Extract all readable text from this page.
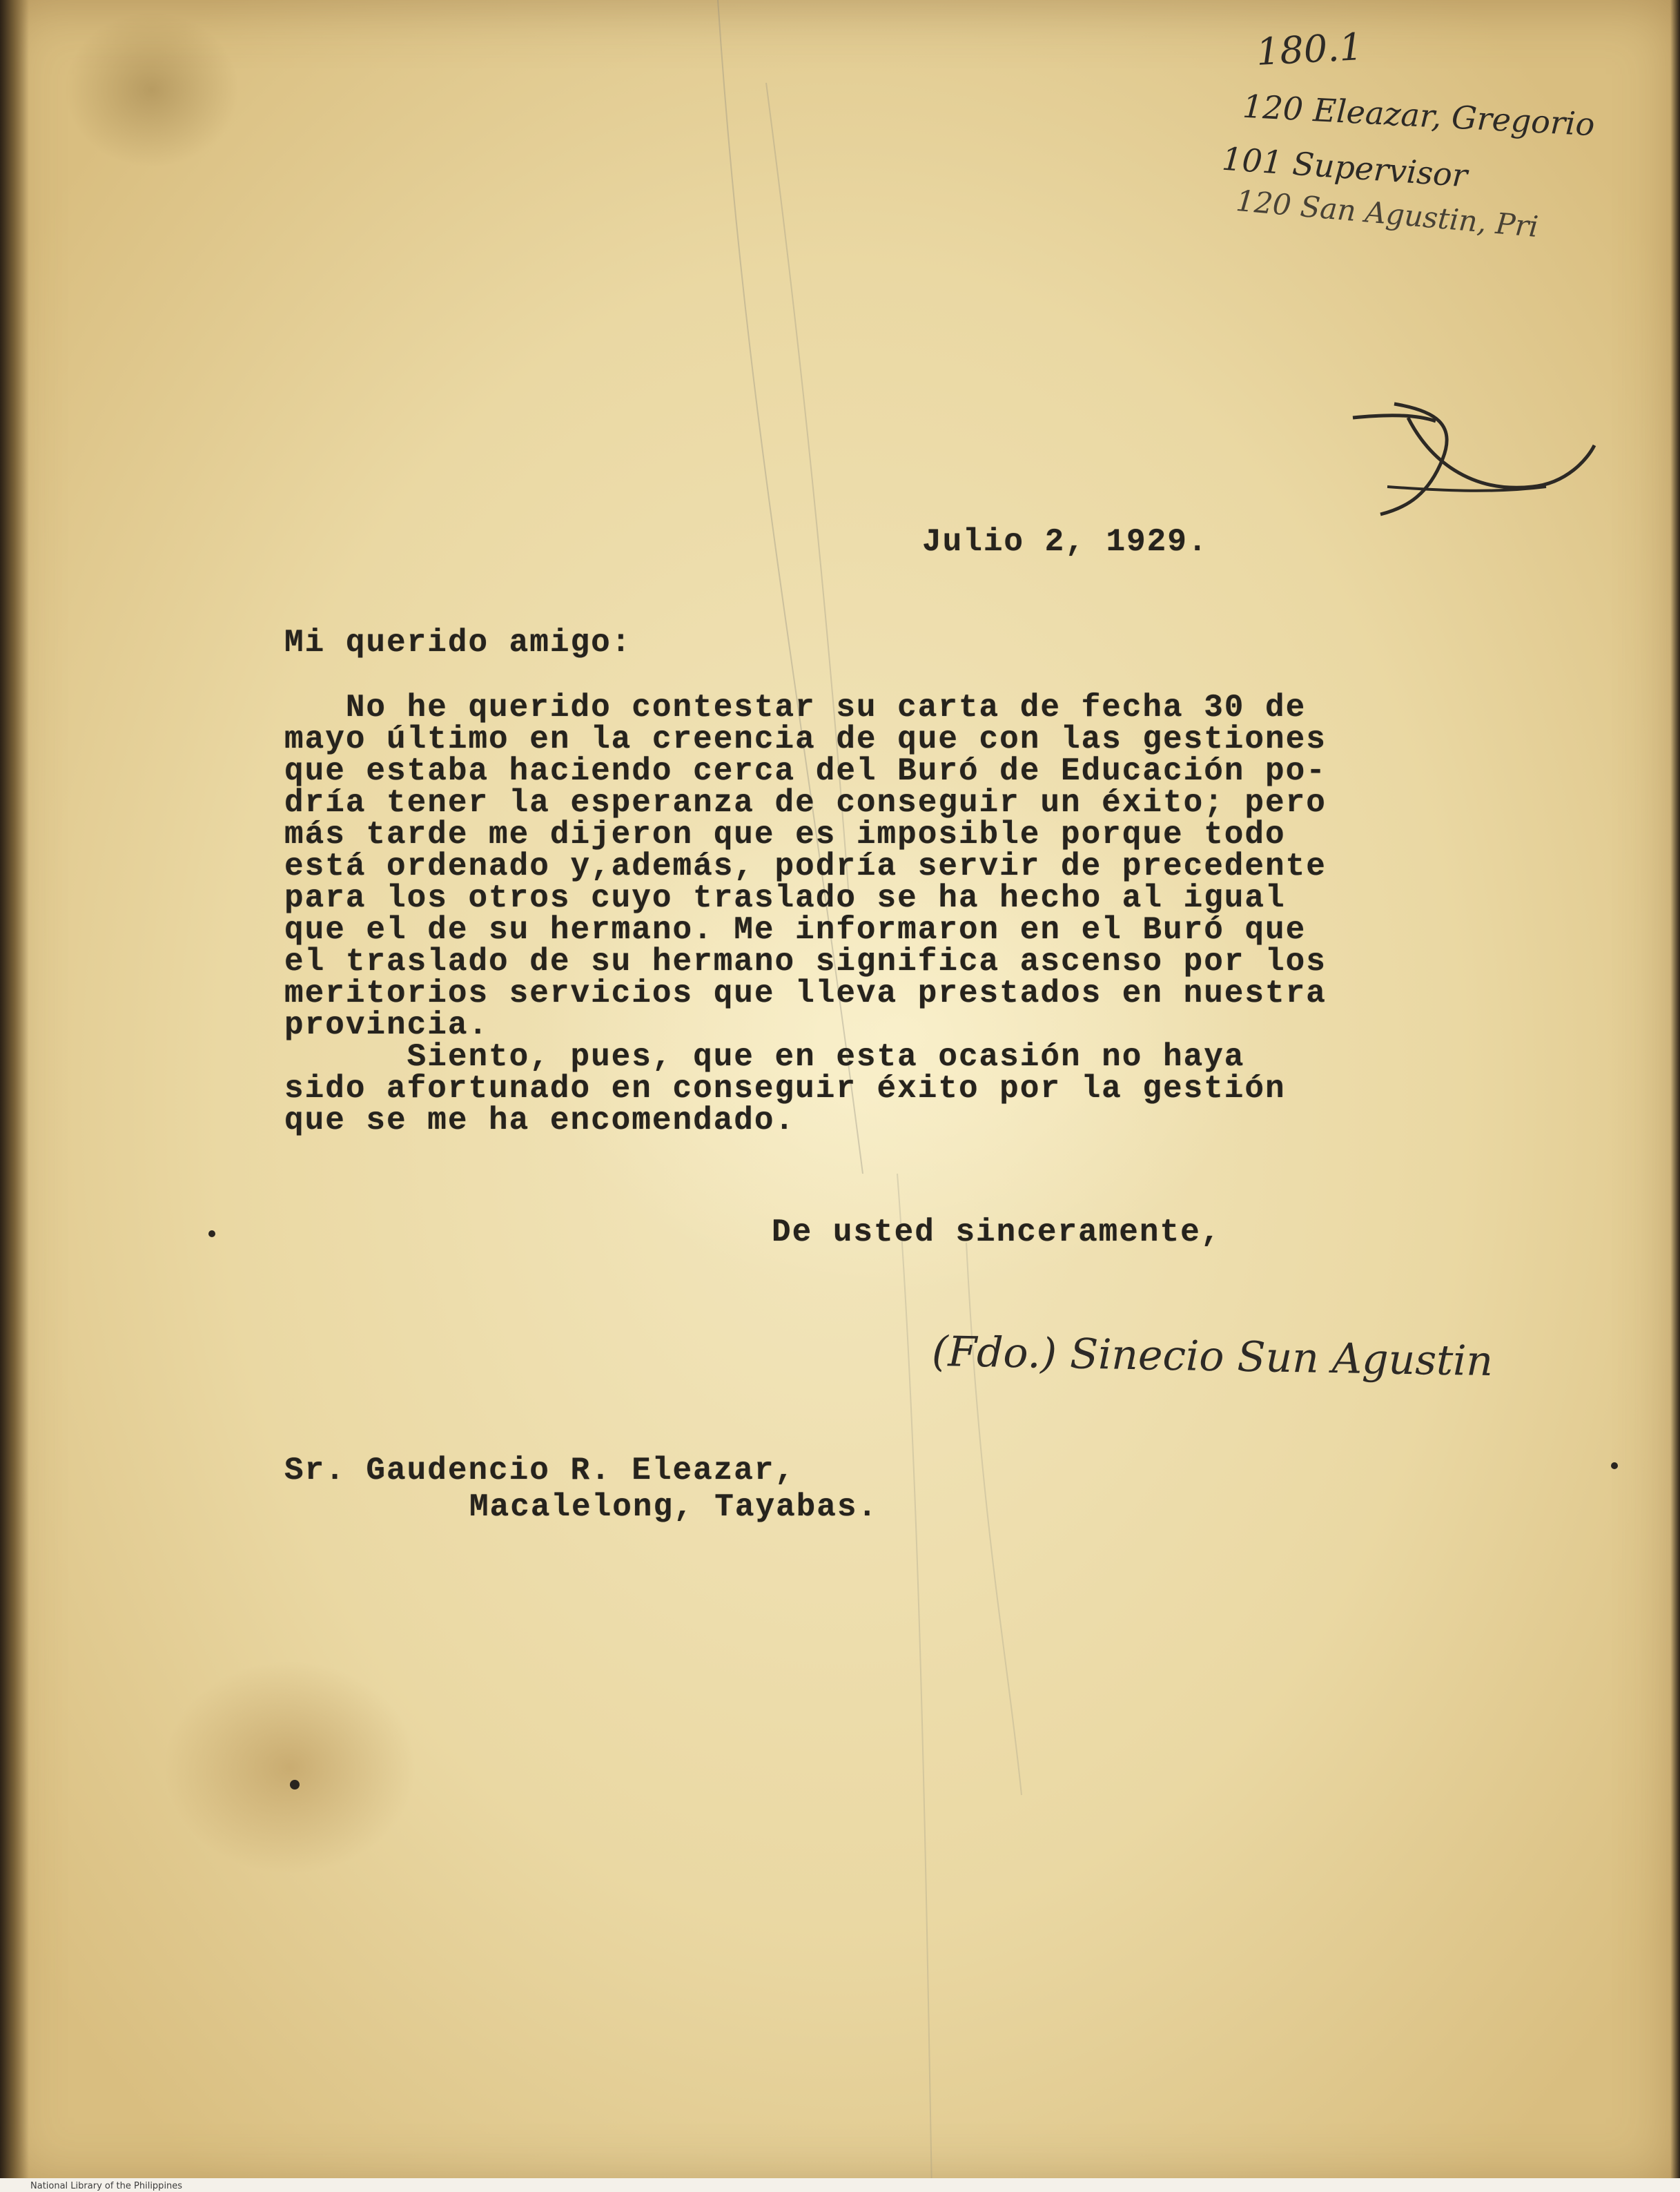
180.1
120 Eleazar, Gregorio
101 Supervisor
120 San Agustin, Pri
Julio 2, 1929.
Mi querido amigo:
No he querido contestar su carta de fecha 30 de
mayo último en la creencia de que con las gestiones
que estaba haciendo cerca del Buró de Educación po-
dría tener la esperanza de conseguir un éxito; pero
más tarde me dijeron que es imposible porque todo
está ordenado y,además, podría servir de precedente
para los otros cuyo traslado se ha hecho al igual
que el de su hermano. Me informaron en el Buró que
el traslado de su hermano significa ascenso por los
meritorios servicios que lleva prestados en nuestra
provincia.
Siento, pues, que en esta ocasión no haya
sido afortunado en conseguir éxito por la gestión
que se me ha encomendado.
De usted sinceramente,
(Fdo.) Sinecio Sun Agustin
Sr. Gaudencio R. Eleazar,
Macalelong, Tayabas.
National Library of the Philippines
